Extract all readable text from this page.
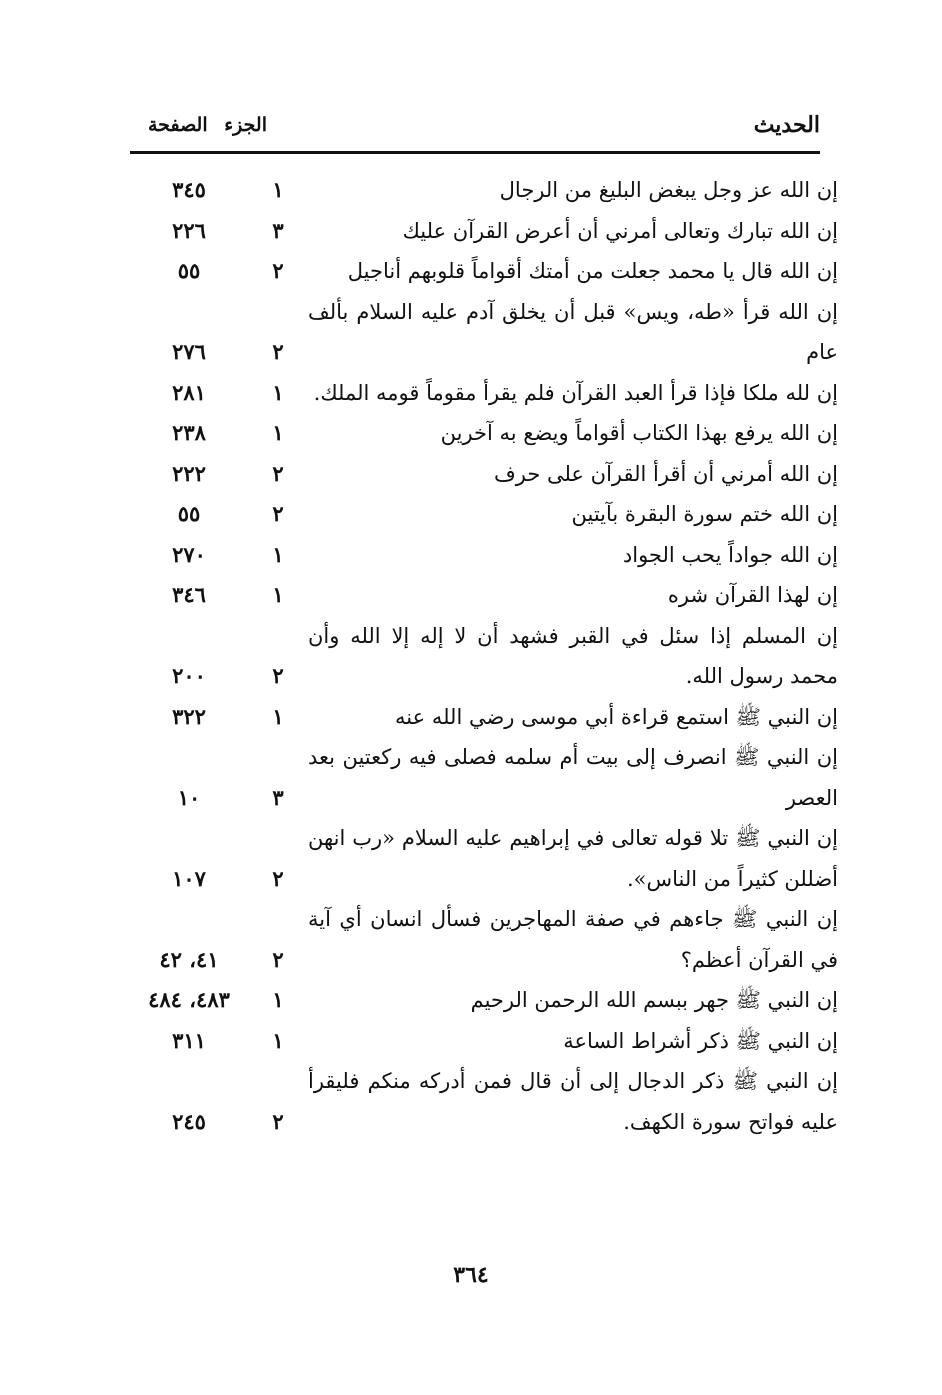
الحديث
الجزء الصفحة
إن الله عز وجل يبغض البليغ من الرجال
١
٣٤٥
إن الله تبارك وتعالى أمرني أن أعرض القرآن عليك
٣
٢٢٦
إن الله قال يا محمد جعلت من أمتك أقواماً قلوبهم أناجيل
٢
٥٥
إن الله قرأ «طه، ويس» قبل أن يخلق آدم عليه السلام بألف عام
٢
٢٧٦
إن لله ملكا فإذا قرأ العبد القرآن فلم يقرأ مقوماً قومه الملك.
١
٢٨١
إن الله يرفع بهذا الكتاب أقواماً ويضع به آخرين
١
٢٣٨
إن الله أمرني أن أقرأ القرآن على حرف
٢
٢٢٢
إن الله ختم سورة البقرة بآيتين
٢
٥٥
إن الله جواداً يحب الجواد
١
٢٧٠
إن لهذا القرآن شره
١
٣٤٦
إن المسلم إذا سئل في القبر فشهد أن لا إله إلا الله وأن محمد رسول الله.
٢
٢٠٠
إن النبي ﷺ استمع قراءة أبي موسى رضي الله عنه
١
٣٢٢
إن النبي ﷺ انصرف إلى بيت أم سلمه فصلى فيه ركعتين بعد العصر
٣
١٠
إن النبي ﷺ تلا قوله تعالى في إبراهيم عليه السلام «رب انهن أضللن كثيراً من الناس».
٢
١٠٧
إن النبي ﷺ جاءهم في صفة المهاجرين فسأل انسان أي آية في القرآن أعظم؟
٢
٤١، ٤٢
إن النبي ﷺ جهر ببسم الله الرحمن الرحيم
١
٤٨٣، ٤٨٤
إن النبي ﷺ ذكر أشراط الساعة
١
٣١١
إن النبي ﷺ ذكر الدجال إلى أن قال فمن أدركه منكم فليقرأ عليه فواتح سورة الكهف.
٢
٢٤٥
٣٦٤
